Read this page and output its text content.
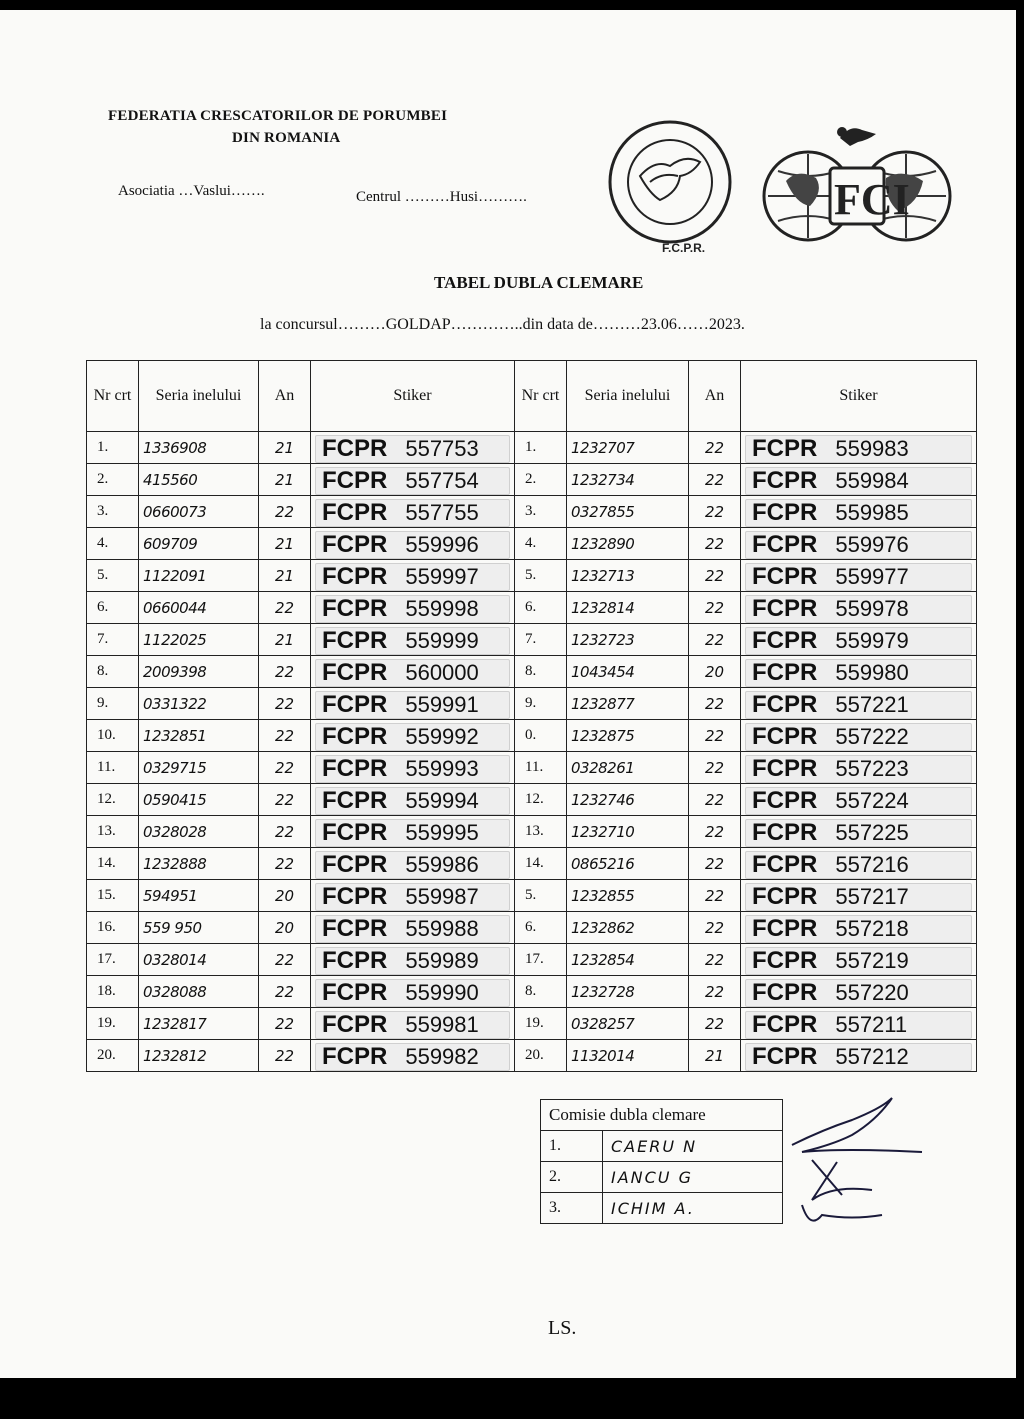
FEDERATIA CRESCATORILOR DE PORUMBEI
DIN ROMANIA
Asociatia …Vaslui…….	Centrul ………Husi……….
F.C.P.R.
FCI
TABEL DUBLA CLEMARE
la concursul………GOLDAP…………..din data de………23.06……2023.
Nr crt	Seria inelului	An	Stiker	Nr crt	Seria inelului	An	Stiker
1.	1336908	21	FCPR 557753	1.	1232707	22	FCPR 559983

2.	415560	21	FCPR 557754	2.	1232734	22	FCPR 559984

3.	0660073	22	FCPR 557755	3.	0327855	22	FCPR 559985

4.	609709	21	FCPR 559996	4.	1232890	22	FCPR 559976

5.	1122091	21	FCPR 559997	5.	1232713	22	FCPR 559977

6.	0660044	22	FCPR 559998	6.	1232814	22	FCPR 559978

7.	1122025	21	FCPR 559999	7.	1232723	22	FCPR 559979

8.	2009398	22	FCPR 560000	8.	1043454	20	FCPR 559980

9.	0331322	22	FCPR 559991	9.	1232877	22	FCPR 557221

10.	1232851	22	FCPR 559992	0.	1232875	22	FCPR 557222

11.	0329715	22	FCPR 559993	11.	0328261	22	FCPR 557223

12.	0590415	22	FCPR 559994	12.	1232746	22	FCPR 557224

13.	0328028	22	FCPR 559995	13.	1232710	22	FCPR 557225

14.	1232888	22	FCPR 559986	14.	0865216	22	FCPR 557216

15.	594951	20	FCPR 559987	5.	1232855	22	FCPR 557217

16.	559 950	20	FCPR 559988	6.	1232862	22	FCPR 557218

17.	0328014	22	FCPR 559989	17.	1232854	22	FCPR 557219

18.	0328088	22	FCPR 559990	8.	1232728	22	FCPR 557220

19.	1232817	22	FCPR 559981	19.	0328257	22	FCPR 557211

20.	1232812	22	FCPR 559982	20.	1132014	21	FCPR 557212
Comisie dubla clemare	
1.	CAERU N
2.	IANCU G
3.	ICHIM A.
LS.
